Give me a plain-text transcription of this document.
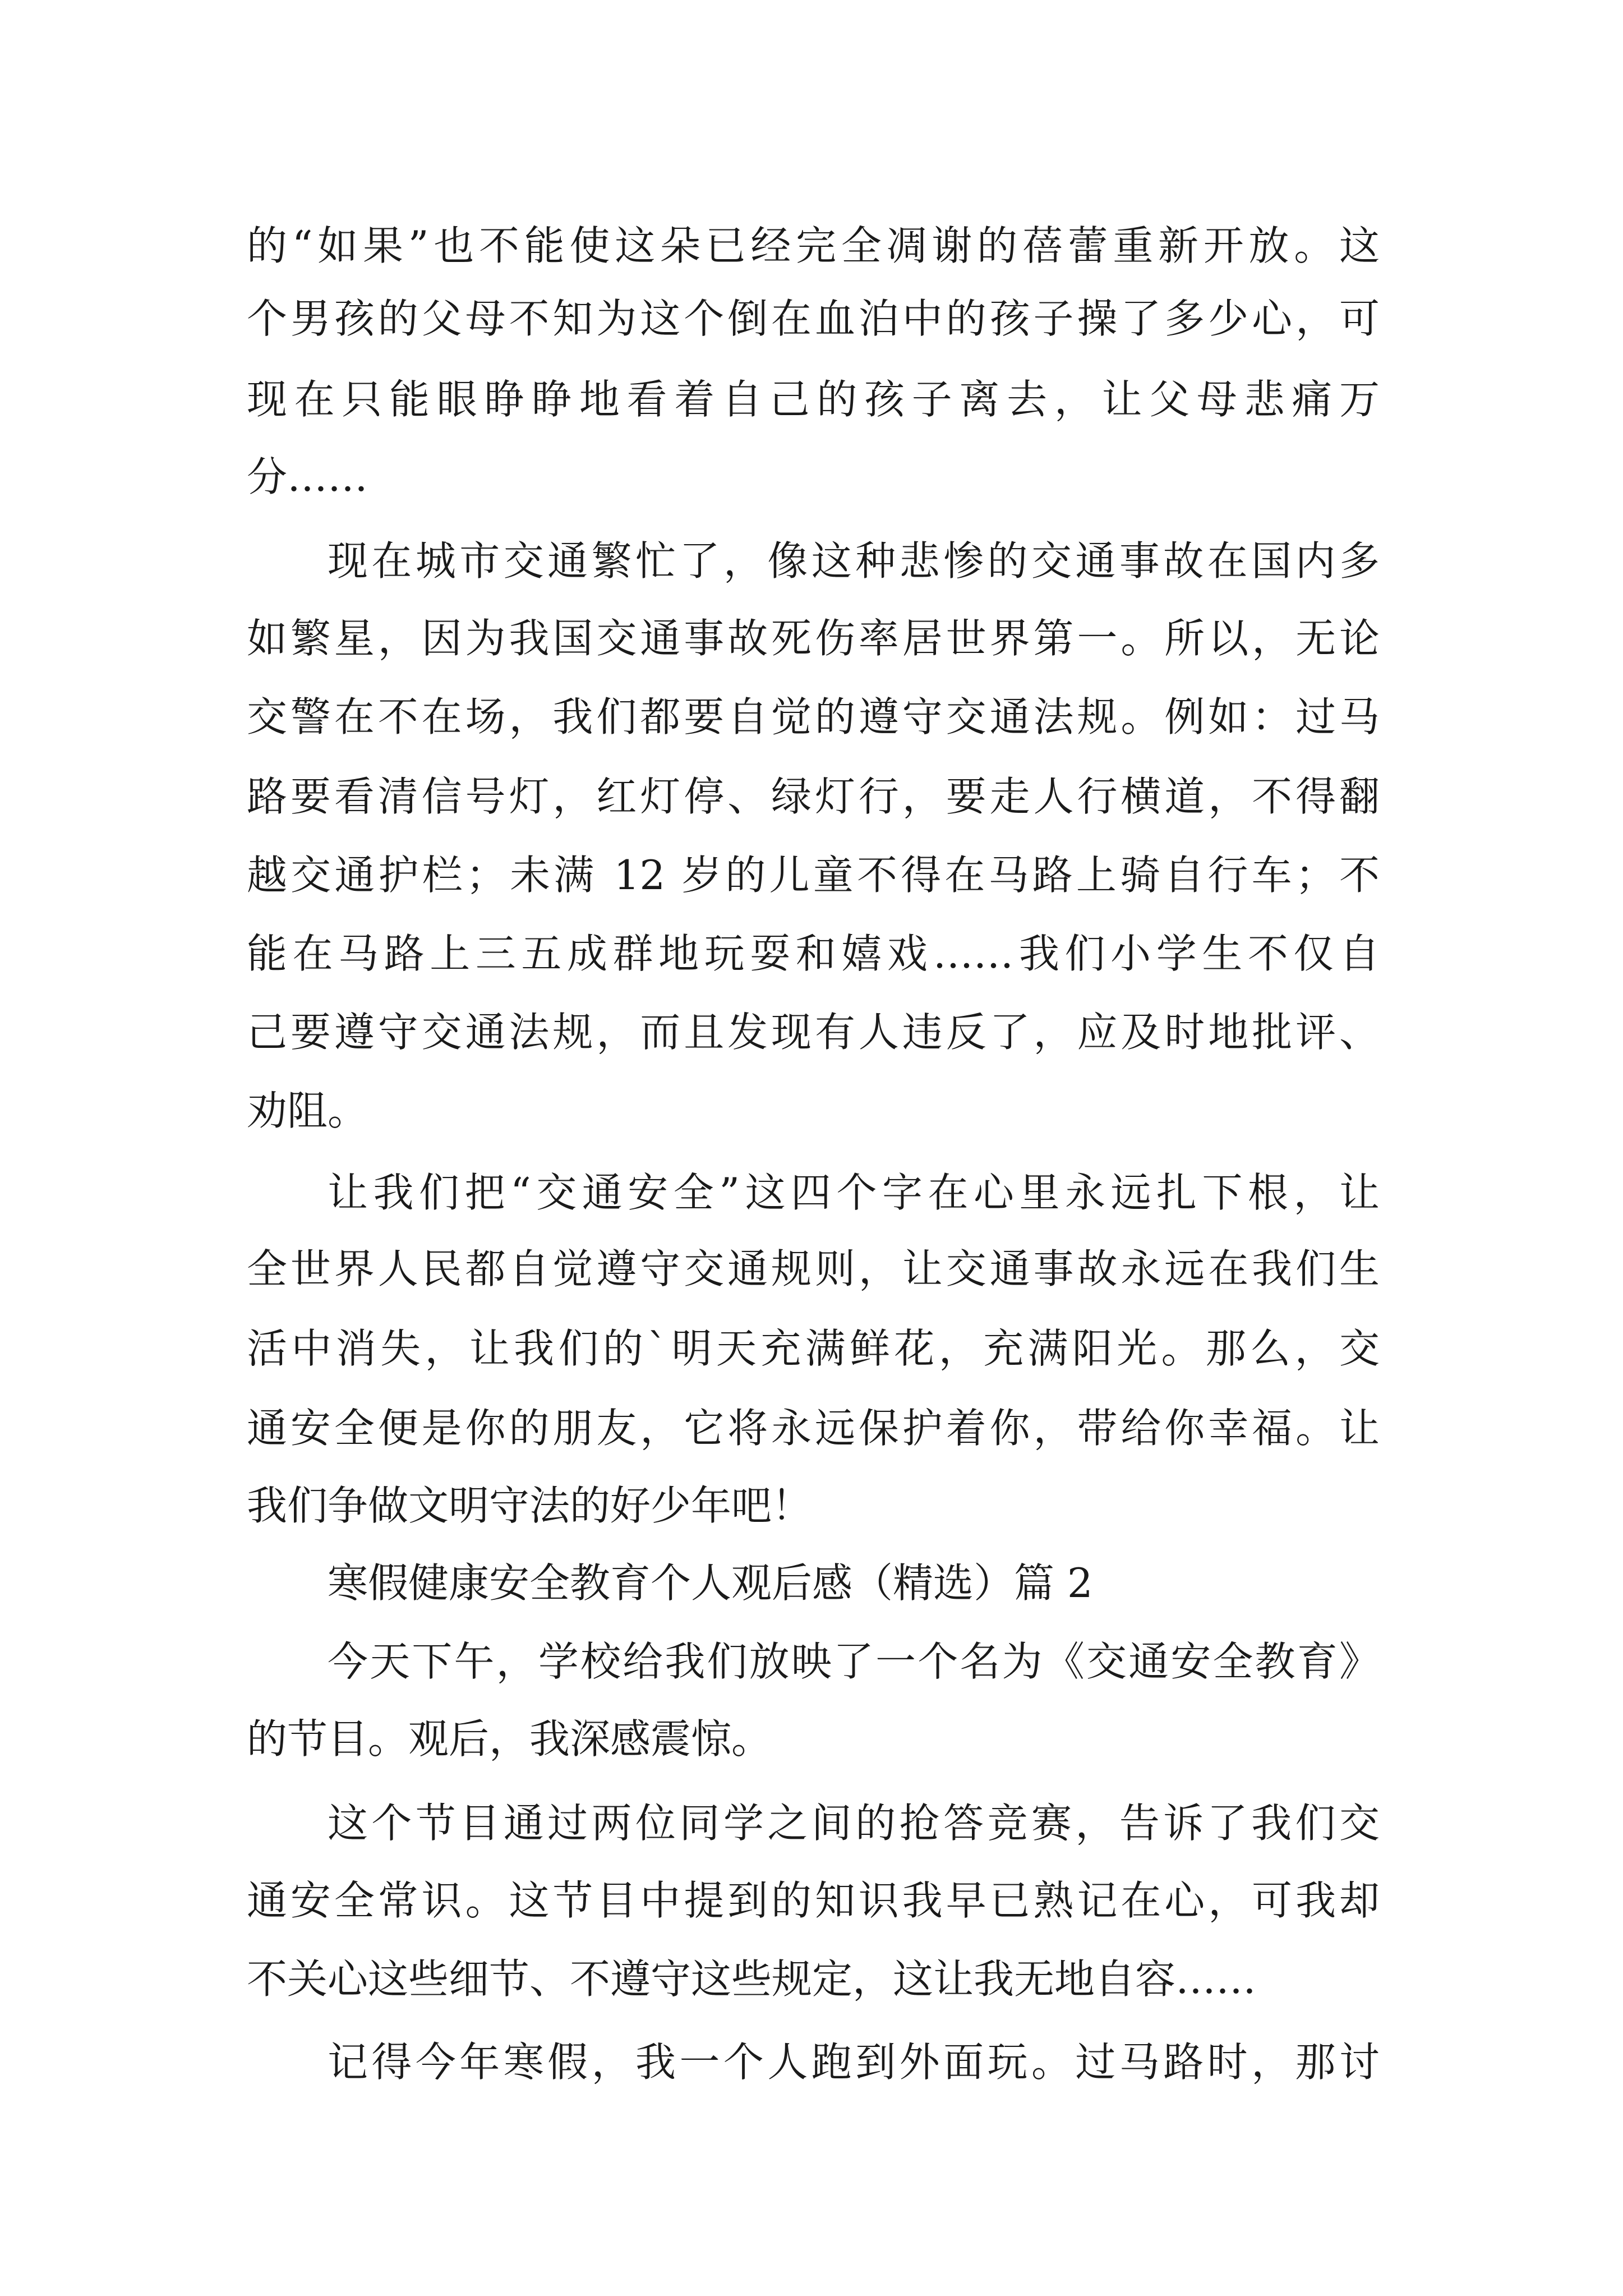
的“如果”也不能使这朵已经完全凋谢的蓓蕾重新开放。这
个男孩的父母不知为这个倒在血泊中的孩子操了多少心，可
现在只能眼睁睁地看着自己的孩子离去，让父母悲痛万
分……
现在城市交通繁忙了，像这种悲惨的交通事故在国内多
如繁星，因为我国交通事故死伤率居世界第一。所以，无论
交警在不在场，我们都要自觉的遵守交通法规。例如：过马
路要看清信号灯，红灯停、绿灯行，要走人行横道，不得翻
越交通护栏；未满 12 岁的儿童不得在马路上骑自行车；不
能在马路上三五成群地玩耍和嬉戏……我们小学生不仅自
己要遵守交通法规，而且发现有人违反了，应及时地批评、
劝阻。
让我们把“交通安全”这四个字在心里永远扎下根，让
全世界人民都自觉遵守交通规则，让交通事故永远在我们生
活中消失，让我们的`明天充满鲜花，充满阳光。那么，交
通安全便是你的朋友，它将永远保护着你，带给你幸福。让
我们争做文明守法的好少年吧！
寒假健康安全教育个人观后感（精选）篇 2
今天下午，学校给我们放映了一个名为《交通安全教育》
的节目。观后，我深感震惊。
这个节目通过两位同学之间的抢答竞赛，告诉了我们交
通安全常识。这节目中提到的知识我早已熟记在心，可我却
不关心这些细节、不遵守这些规定，这让我无地自容……
记得今年寒假，我一个人跑到外面玩。过马路时，那讨
